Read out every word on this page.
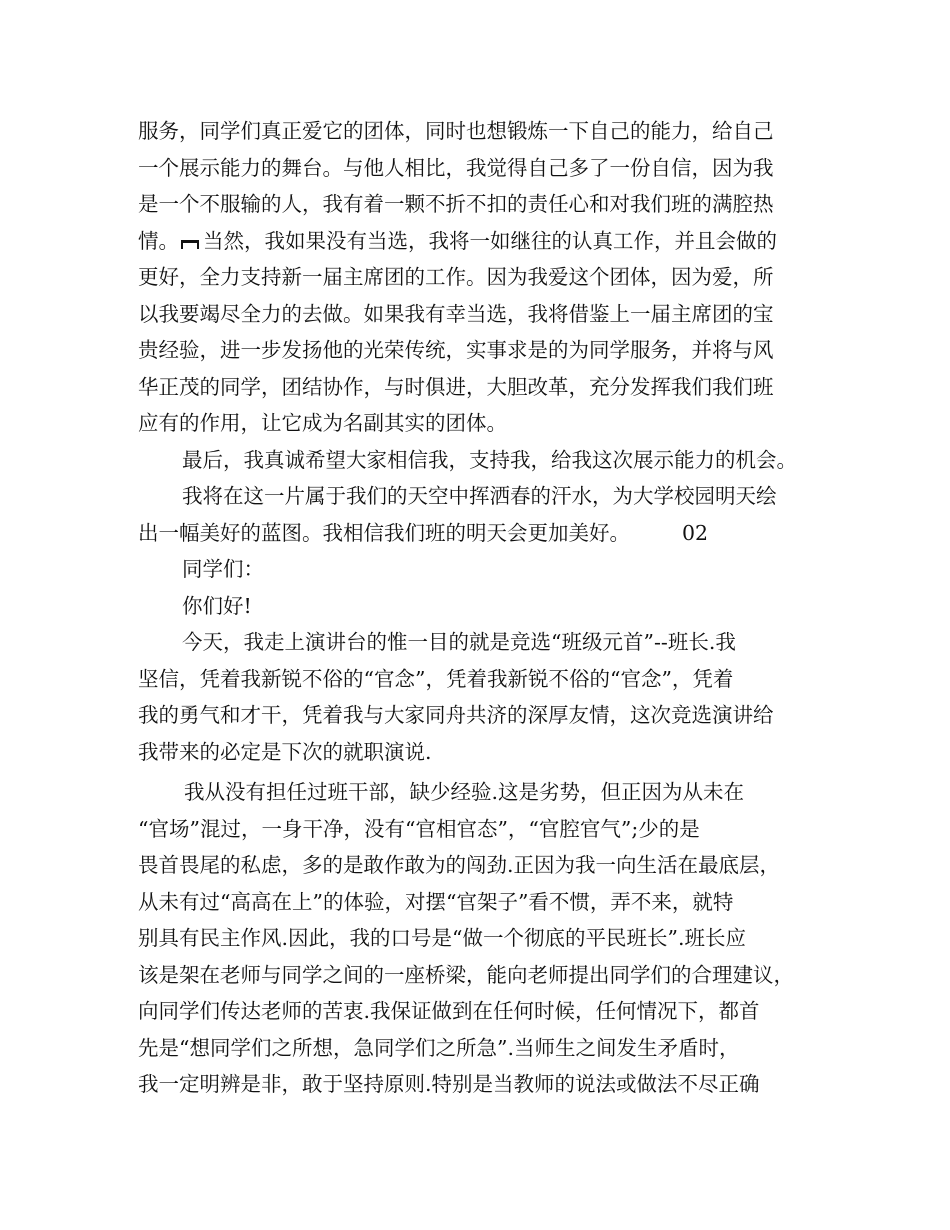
服务，同学们真正爱它的团体，同时也想锻炼一下自己的能力，给自己
一个展示能力的舞台。与他人相比，我觉得自己多了一份自信，因为我
是一个不服输的人，我有着一颗不折不扣的责任心和对我们班的满腔热
情。 当然，我如果没有当选，我将一如继往的认真工作，并且会做的
更好，全力支持新一届主席团的工作。因为我爱这个团体，因为爱，所
以我要竭尽全力的去做。如果我有幸当选，我将借鉴上一届主席团的宝
贵经验，进一步发扬他的光荣传统，实事求是的为同学服务，并将与风
华正茂的同学，团结协作，与时俱进，大胆改革，充分发挥我们我们班
应有的作用，让它成为名副其实的团体。
最后，我真诚希望大家相信我，支持我，给我这次展示能力的机会。
我将在这一片属于我们的天空中挥洒春的汗水，为大学校园明天绘
出一幅美好的蓝图。我相信我们班的明天会更加美好。	02
同学们：
你们好!
今天，我走上演讲台的惟一目的就是竞选“班级元首”--班长.我
坚信，凭着我新锐不俗的“官念”，凭着我新锐不俗的“官念”，凭着
我的勇气和才干，凭着我与大家同舟共济的深厚友情，这次竞选演讲给
我带来的必定是下次的就职演说.
我从没有担任过班干部，缺少经验.这是劣势，但正因为从未在
“官场”混过，一身干净，没有“官相官态”，“官腔官气”;少的是
畏首畏尾的私虑，多的是敢作敢为的闯劲.正因为我一向生活在最底层，
从未有过“高高在上”的体验，对摆“官架子”看不惯，弄不来，就特
别具有民主作风.因此，我的口号是“做一个彻底的平民班长”.班长应
该是架在老师与同学之间的一座桥梁，能向老师提出同学们的合理建议，
向同学们传达老师的苦衷.我保证做到在任何时候，任何情况下，都首
先是“想同学们之所想，急同学们之所急”.当师生之间发生矛盾时，
我一定明辨是非，敢于坚持原则.特别是当教师的说法或做法不尽正确
